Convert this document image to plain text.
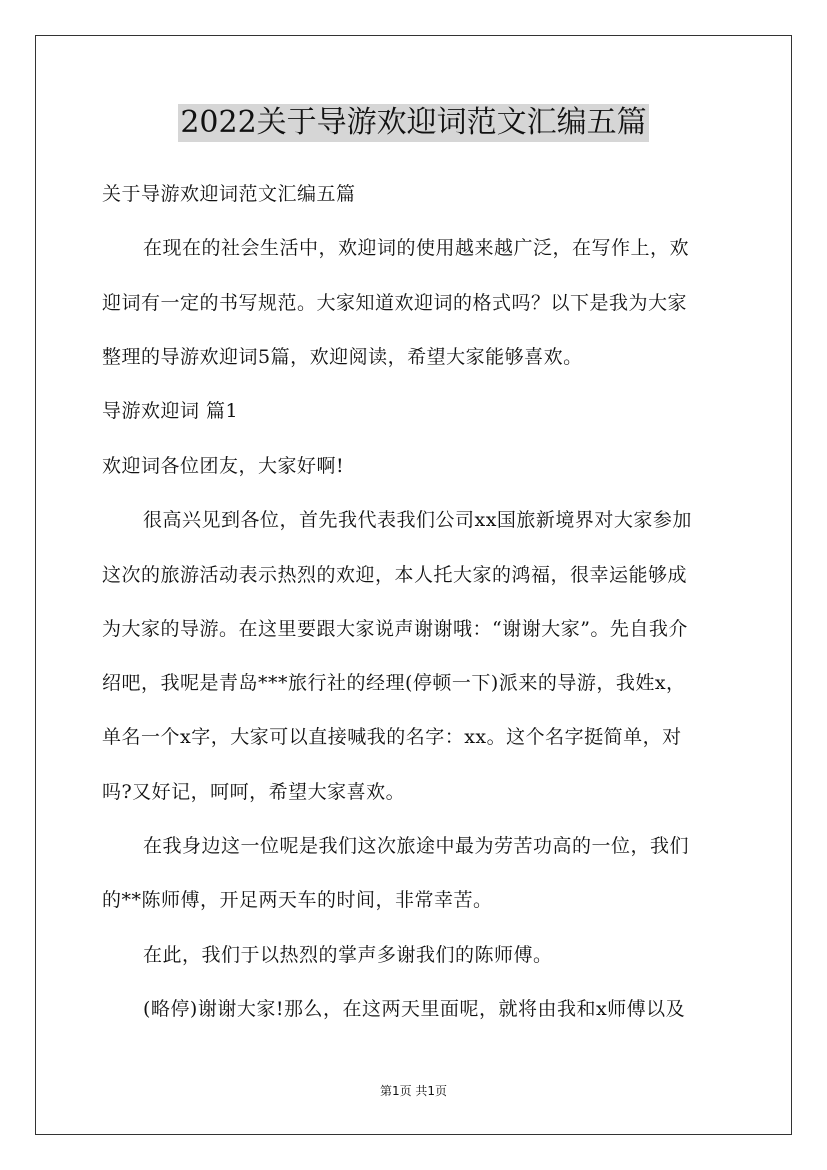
2022关于导游欢迎词范文汇编五篇
关于导游欢迎词范文汇编五篇
在现在的社会生活中，欢迎词的使用越来越广泛，在写作上，欢
迎词有一定的书写规范。大家知道欢迎词的格式吗？以下是我为大家
整理的导游欢迎词5篇，欢迎阅读，希望大家能够喜欢。
导游欢迎词 篇1
欢迎词各位团友，大家好啊!
很高兴见到各位，首先我代表我们公司xx国旅新境界对大家参加
这次的旅游活动表示热烈的欢迎，本人托大家的鸿福，很幸运能够成
为大家的导游。在这里要跟大家说声谢谢哦：“谢谢大家”。先自我介
绍吧，我呢是青岛***旅行社的经理(停顿一下)派来的导游，我姓x，
单名一个x字，大家可以直接喊我的名字：xx。这个名字挺简单，对
吗?又好记，呵呵，希望大家喜欢。
在我身边这一位呢是我们这次旅途中最为劳苦功高的一位，我们
的**陈师傅，开足两天车的时间，非常幸苦。
在此，我们于以热烈的掌声多谢我们的陈师傅。
(略停)谢谢大家!那么，在这两天里面呢，就将由我和x师傅以及
第1页 共1页
